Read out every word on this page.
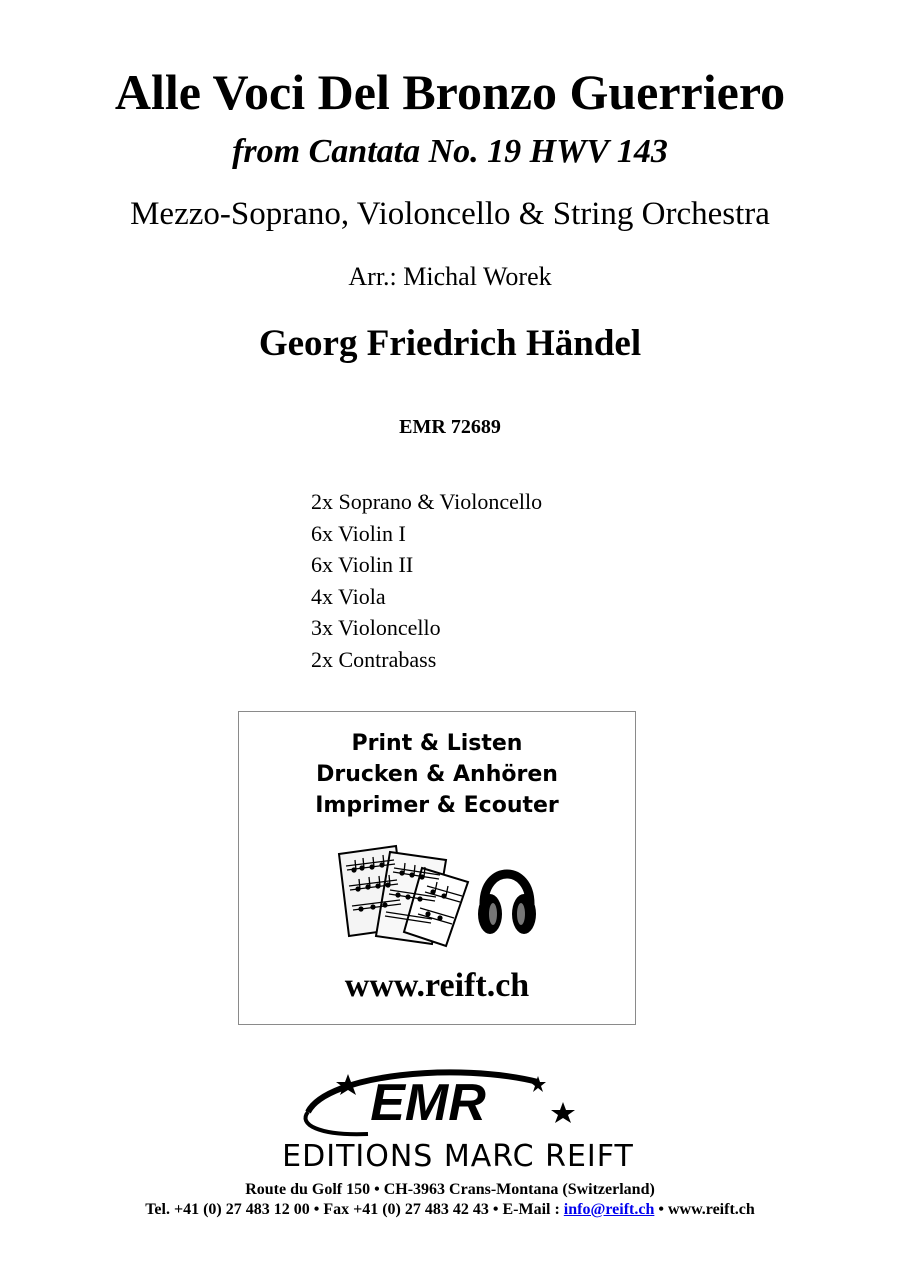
Alle Voci Del Bronzo Guerriero
from Cantata No. 19 HWV 143
Mezzo-Soprano, Violoncello & String Orchestra
Arr.: Michal Worek
Georg Friedrich Händel
EMR 72689
2x Soprano & Violoncello
6x Violin I
6x Violin II
4x Viola
3x Violoncello
2x Contrabass
Print & Listen
Drucken & Anhören
Imprimer & Ecouter
www.reift.ch
EMR
EDITIONS MARC REIFT
Route du Golf 150 • CH-3963 Crans-Montana (Switzerland)
Tel. +41 (0) 27 483 12 00 • Fax +41 (0) 27 483 42 43 • E-Mail : info@reift.ch • www.reift.ch
